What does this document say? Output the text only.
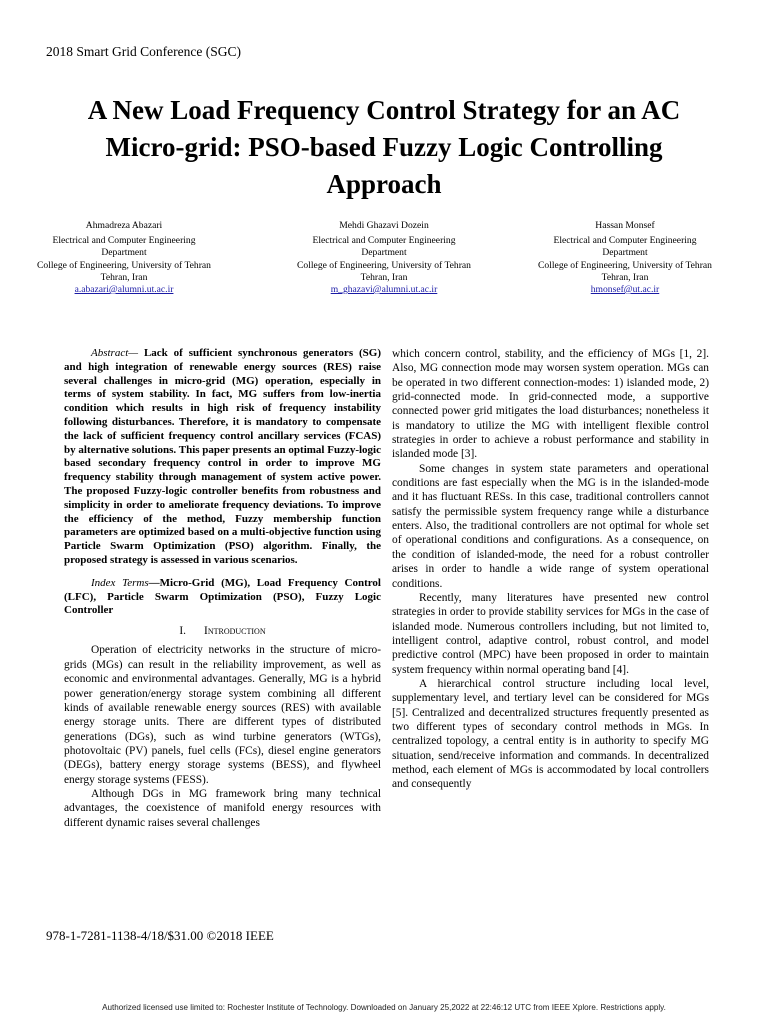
2018 Smart Grid Conference (SGC)
A New Load Frequency Control Strategy for an AC
Micro-grid: PSO-based Fuzzy Logic Controlling
Approach
Ahmadreza Abazari
Electrical and Computer Engineering
Department
College of Engineering, University of Tehran
Tehran, Iran
a.abazari@alumni.ut.ac.ir
Mehdi Ghazavi Dozein
Electrical and Computer Engineering
Department
College of Engineering, University of Tehran
Tehran, Iran
m_ghazavi@alumni.ut.ac.ir
Hassan Monsef
Electrical and Computer Engineering
Department
College of Engineering, University of Tehran
Tehran, Iran
hmonsef@ut.ac.ir

Abstract— Lack of sufficient synchronous generators (SG) and high integration of renewable energy sources (RES) raise several challenges in micro-grid (MG) operation, especially in terms of system stability. In fact, MG suffers from low-inertia condition which results in high risk of frequency instability following disturbances. Therefore, it is mandatory to compensate the lack of sufficient frequency control ancillary services (FCAS) by alternative solutions. This paper presents an optimal Fuzzy-logic based secondary frequency control in order to improve MG frequency stability through management of system active power. The proposed Fuzzy-logic controller benefits from robustness and simplicity in order to ameliorate frequency deviations. To improve the efficiency of the method, Fuzzy membership function parameters are optimized based on a multi-objective function using Particle Swarm Optimization (PSO) algorithm. Finally, the proposed strategy is assessed in various scenarios.

Index Terms—Micro-Grid (MG), Load Frequency Control (LFC), Particle Swarm Optimization (PSO), Fuzzy Logic Controller

I. Introduction

Operation of electricity networks in the structure of micro-grids (MGs) can result in the reliability improvement, as well as economic and environmental advantages. Generally, MG is a hybrid power generation/energy storage system combining all different kinds of available renewable energy sources (RES) with available energy storage units. There are different types of distributed generations (DGs), such as wind turbine generators (WTGs), photovoltaic (PV) panels, fuel cells (FCs), diesel engine generators (DEGs), battery energy storage systems (BESS), and flywheel energy storage systems (FESS).

Although DGs in MG framework bring many technical advantages, the coexistence of manifold energy resources with different dynamic raises several challenges

which concern control, stability, and the efficiency of MGs [1, 2]. Also, MG connection mode may worsen system operation. MGs can be operated in two different connection-modes: 1) islanded mode, 2) grid-connected mode. In grid-connected mode, a supportive connected power grid mitigates the load disturbances; nonetheless it is mandatory to utilize the MG with intelligent flexible control strategies in order to achieve a robust performance and stability in islanded mode [3].

Some changes in system state parameters and operational conditions are fast especially when the MG is in the islanded-mode and it has fluctuant RESs. In this case, traditional controllers cannot satisfy the permissible system frequency range while a disturbance enters. Also, the traditional controllers are not optimal for whole set of operational conditions and configurations. As a consequence, on the condition of islanded-mode, the need for a robust controller arises in order to handle a wide range of system operational conditions.

Recently, many literatures have presented new control strategies in order to provide stability services for MGs in the case of islanded mode. Numerous controllers including, but not limited to, intelligent control, adaptive control, robust control, and model predictive control (MPC) have been proposed in order to maintain system frequency within normal operating band [4].

A hierarchical control structure including local level, supplementary level, and tertiary level can be considered for MGs [5]. Centralized and decentralized structures frequently presented as two different types of secondary control methods in MGs. In centralized topology, a central entity is in authority to specify MG situation, send/receive information and commands. In decentralized method, each element of MGs is accommodated by local controllers and consequently

978-1-7281-1138-4/18/$31.00 ©2018 IEEE
Authorized licensed use limited to: Rochester Institute of Technology. Downloaded on January 25,2022 at 22:46:12 UTC from IEEE Xplore. Restrictions apply.
